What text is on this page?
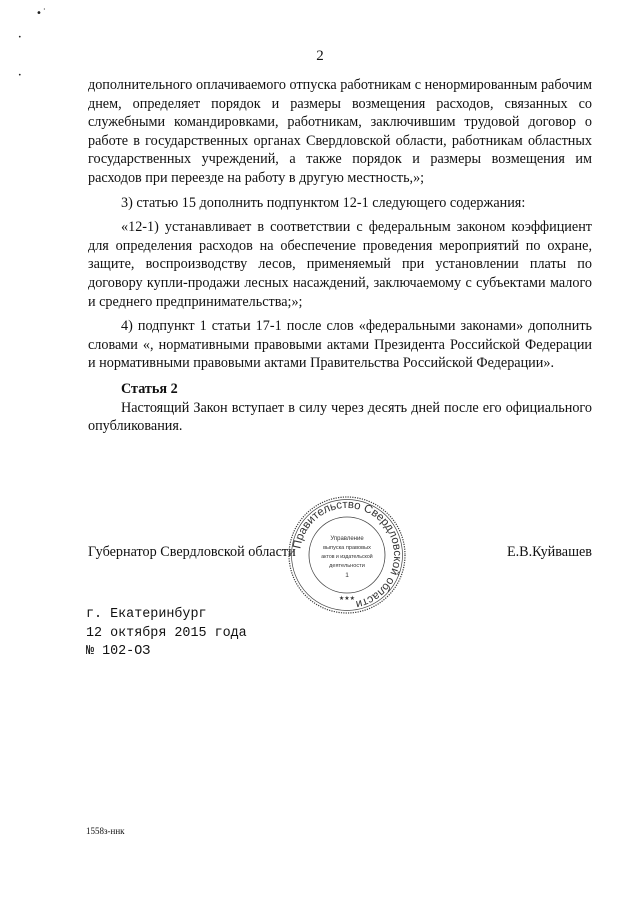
•˙
•
•
2

дополнительного оплачиваемого отпуска работникам с ненормированным рабочим днем, определяет порядок и размеры возмещения расходов, связанных со служебными командировками, работникам, заключившим трудовой договор о работе в государственных органах Свердловской области, работникам областных государственных учреждений, а также порядок и размеры возмещения им расходов при переезде на работу в другую местность,»;

3) статью 15 дополнить подпунктом 12-1 следующего содержания:

«12-1) устанавливает в соответствии с федеральным законом коэффициент для определения расходов на обеспечение проведения мероприятий по охране, защите, воспроизводству лесов, применяемый при установлении платы по договору купли-продажи лесных насаждений, заключаемому с субъектами малого и среднего предпринимательства;»;

4) подпункт 1 статьи 17-1 после слов «федеральными законами» дополнить словами «, нормативными правовыми актами Президента Российской Федерации и нормативными правовыми актами Правительства Российской Федерации».

Статья 2

Настоящий Закон вступает в силу через десять дней после его официального опубликования.

Губернатор Свердловской области	Е.В.Куйвашев
Правительство Свердловской области
Управление
выпуска правовых
актов и издательской
деятельности
1
★★★
г. Екатеринбург
12 октября 2015 года
№ 102-ОЗ
1558з-ннк
